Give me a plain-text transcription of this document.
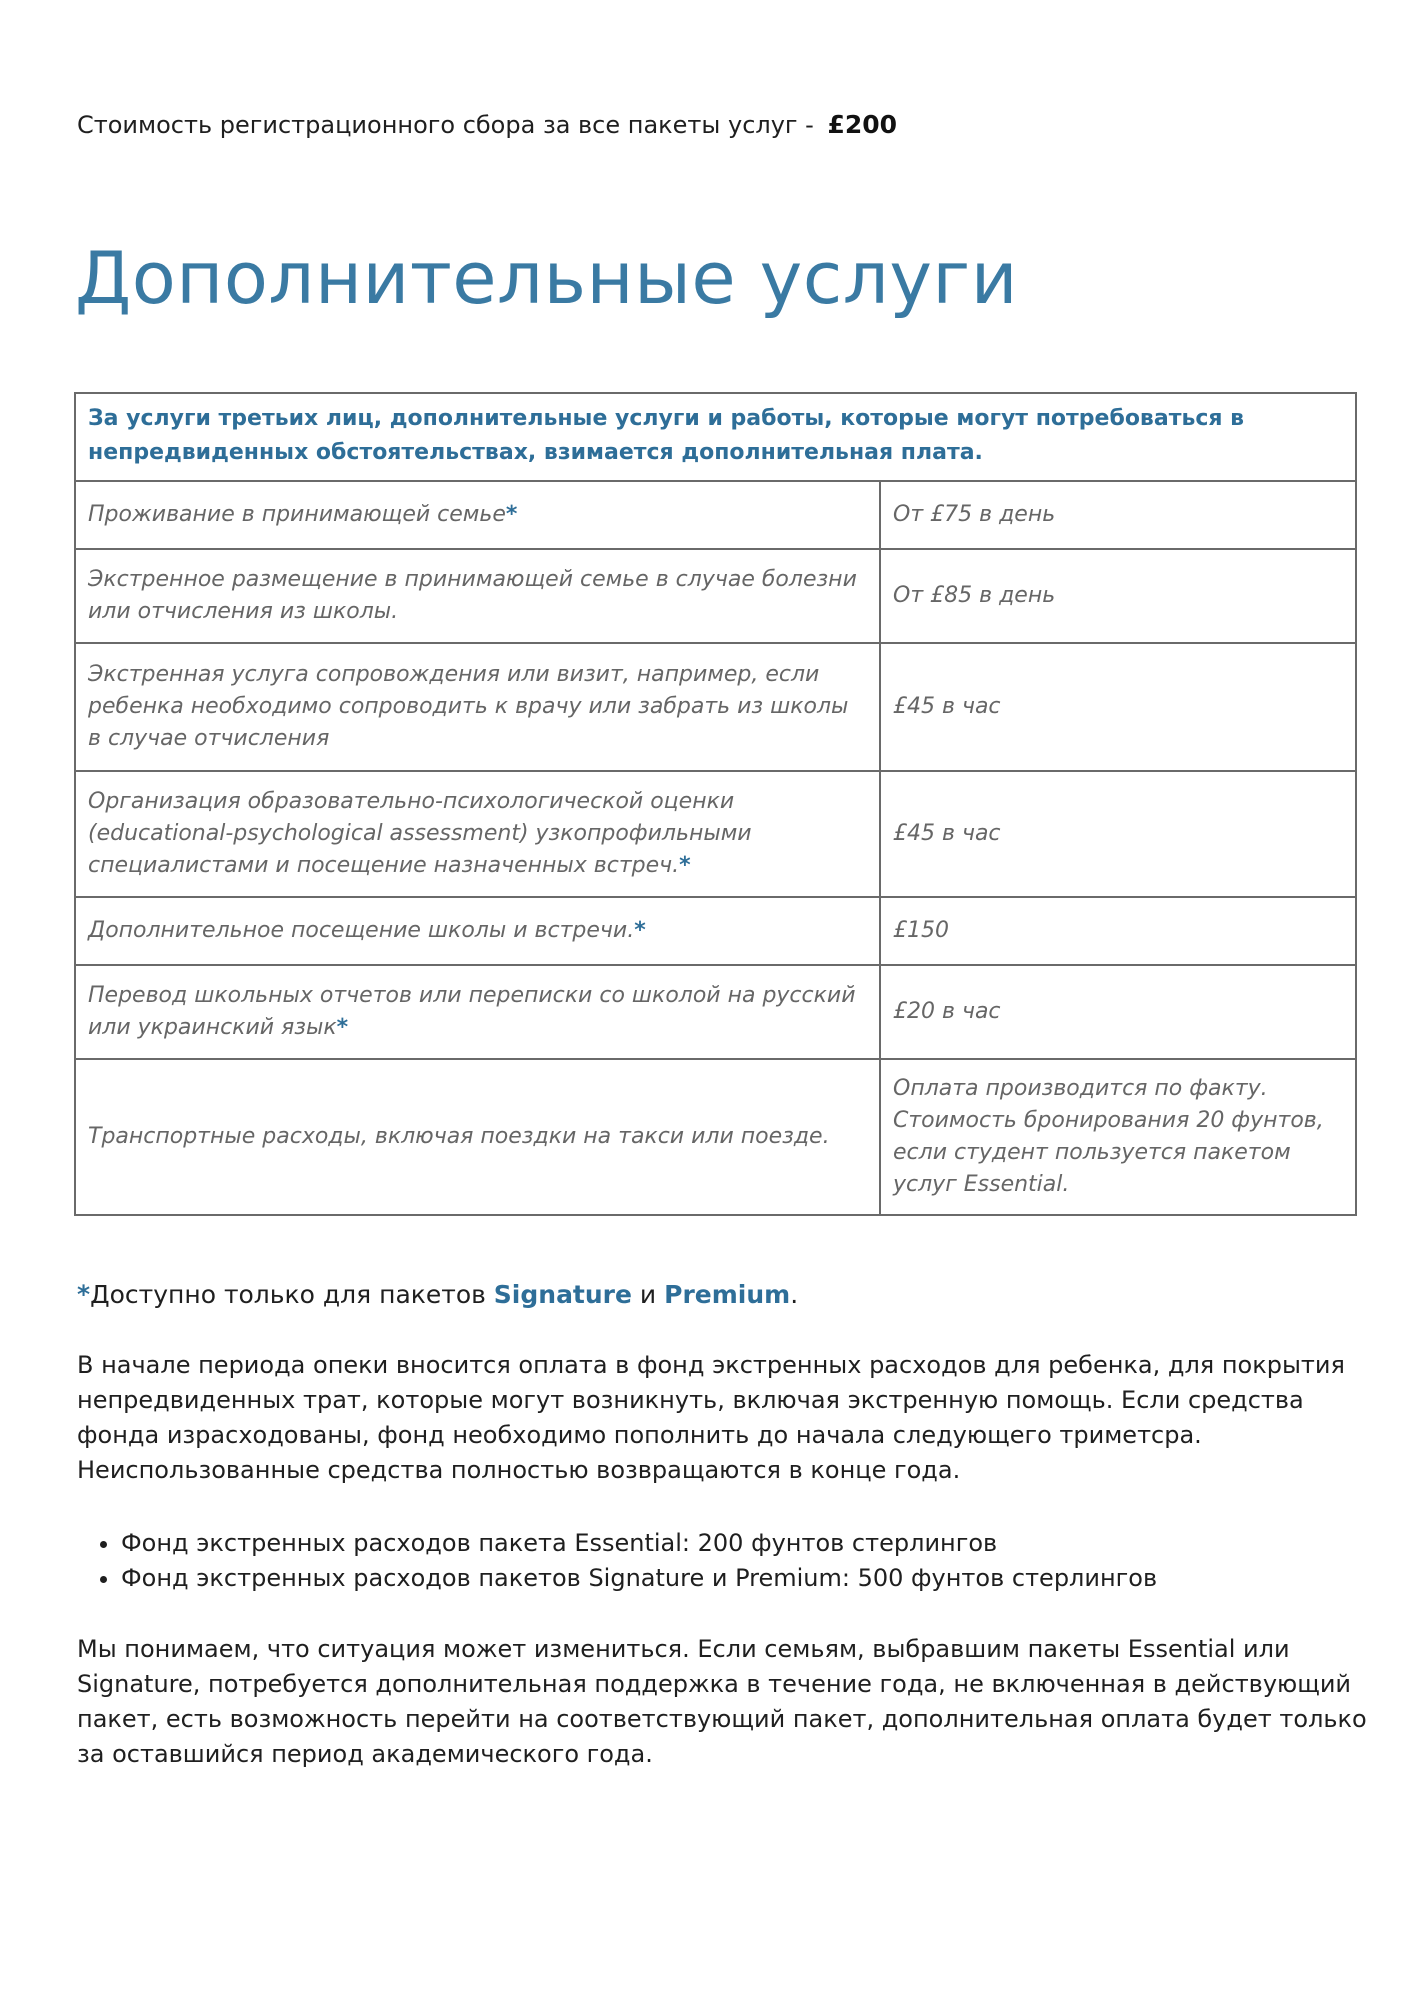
Стоимость регистрационного сбора за все пакеты услуг - £200
Дополнительные услуги
За услуги третьих лиц, дополнительные услуги и работы, которые могут потребоваться в непредвиденных обстоятельствах, взимается дополнительная плата.	
Проживание в принимающей семье*	От £75 в день
Экстренное размещение в принимающей семье в случае болезни или отчисления из школы.	От £85 в день
Экстренная услуга сопровождения или визит, например, если ребенка необходимо сопроводить к врачу или забрать из школы в случае отчисления	£45 в час
Организация образовательно-психологической оценки (educational-psychological assessment) узкопрофильными специалистами и посещение назначенных встреч.*	£45 в час
Дополнительное посещение школы и встречи.*	£150
Перевод школьных отчетов или переписки со школой на русский или украинский язык*	£20 в час
Транспортные расходы, включая поездки на такси или поезде.	Оплата производится по факту. Стоимость бронирования 20 фунтов, если студент пользуется пакетом услуг Essential.
*Доступно только для пакетов Signature и Premium.

В начале периода опеки вносится оплата в фонд экстренных расходов для ребенка, для покрытия непредвиденных трат, которые могут возникнуть, включая экстренную помощь. Если средства фонда израсходованы, фонд необходимо пополнить до начала следующего триметсра. Неиспользованные средства полностью возвращаются в конце года.

• Фонд экстренных расходов пакета Essential: 200 фунтов стерлингов
• Фонд экстренных расходов пакетов Signature и Premium: 500 фунтов стерлингов

Мы понимаем, что ситуация может измениться. Если семьям, выбравшим пакеты Essential или Signature, потребуется дополнительная поддержка в течение года, не включенная в действующий пакет, есть возможность перейти на соответствующий пакет, дополнительная оплата будет только за оставшийся период академического года.
